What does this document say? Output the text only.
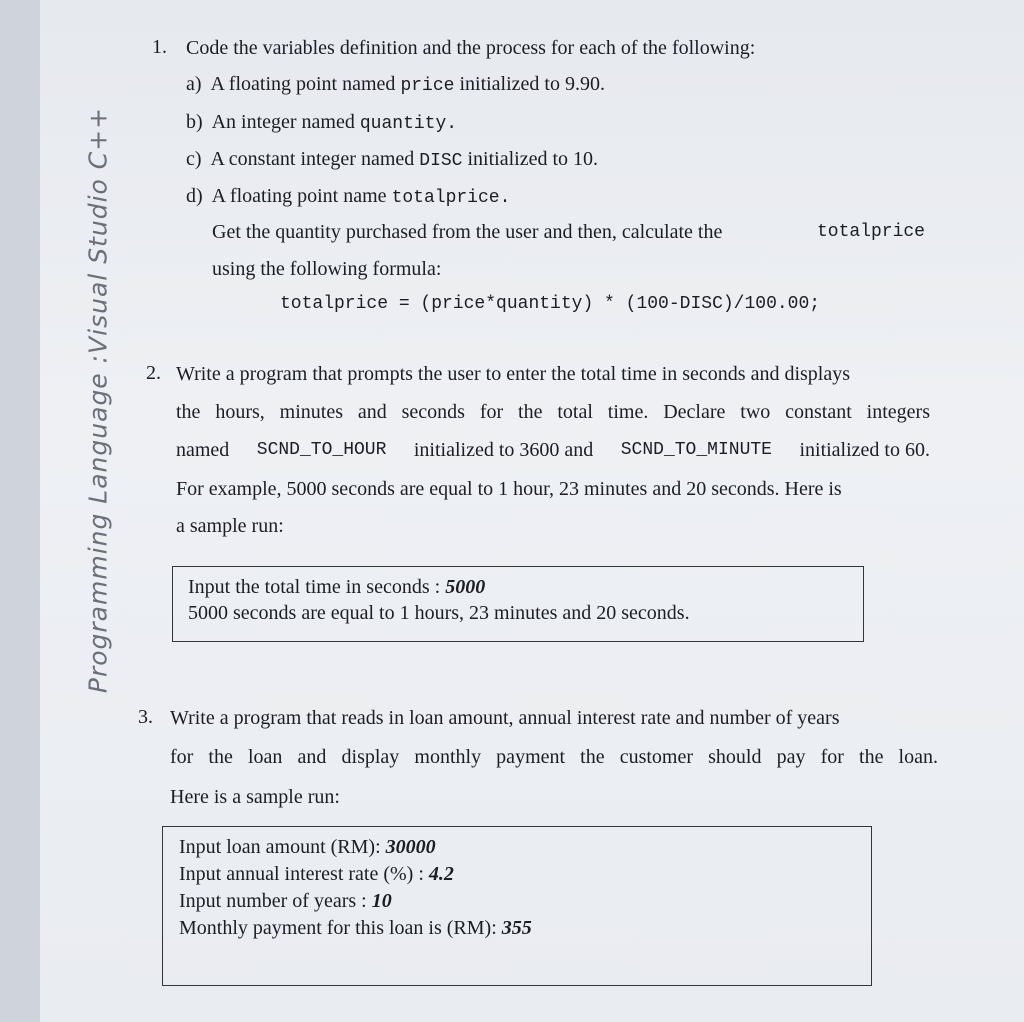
Programming Language :Visual Studio C++
1. Code the variables definition and the process for each of the following:
a) A floating point named price initialized to 9.90.
b) An integer named quantity.
c) A constant integer named DISC initialized to 10.
d) A floating point name totalprice.
Get the quantity purchased from the user and then, calculate the	totalprice
using the following formula:
totalprice = (price*quantity) * (100-DISC)/100.00;
2. Write a program that prompts the user to enter the total time in seconds and displays
the hours, minutes and seconds for the total time. Declare two constant integers
named SCND_TO_HOUR initialized to 3600 and SCND_TO_MINUTE initialized to 60.
For example, 5000 seconds are equal to 1 hour, 23 minutes and 20 seconds. Here is
a sample run:
Input the total time in seconds : 5000
5000 seconds are equal to 1 hours, 23 minutes and 20 seconds.
3. Write a program that reads in loan amount, annual interest rate and number of years
for the loan and display monthly payment the customer should pay for the loan.
Here is a sample run:
Input loan amount (RM): 30000
Input annual interest rate (%) : 4.2
Input number of years : 10
Monthly payment for this loan is (RM): 355
